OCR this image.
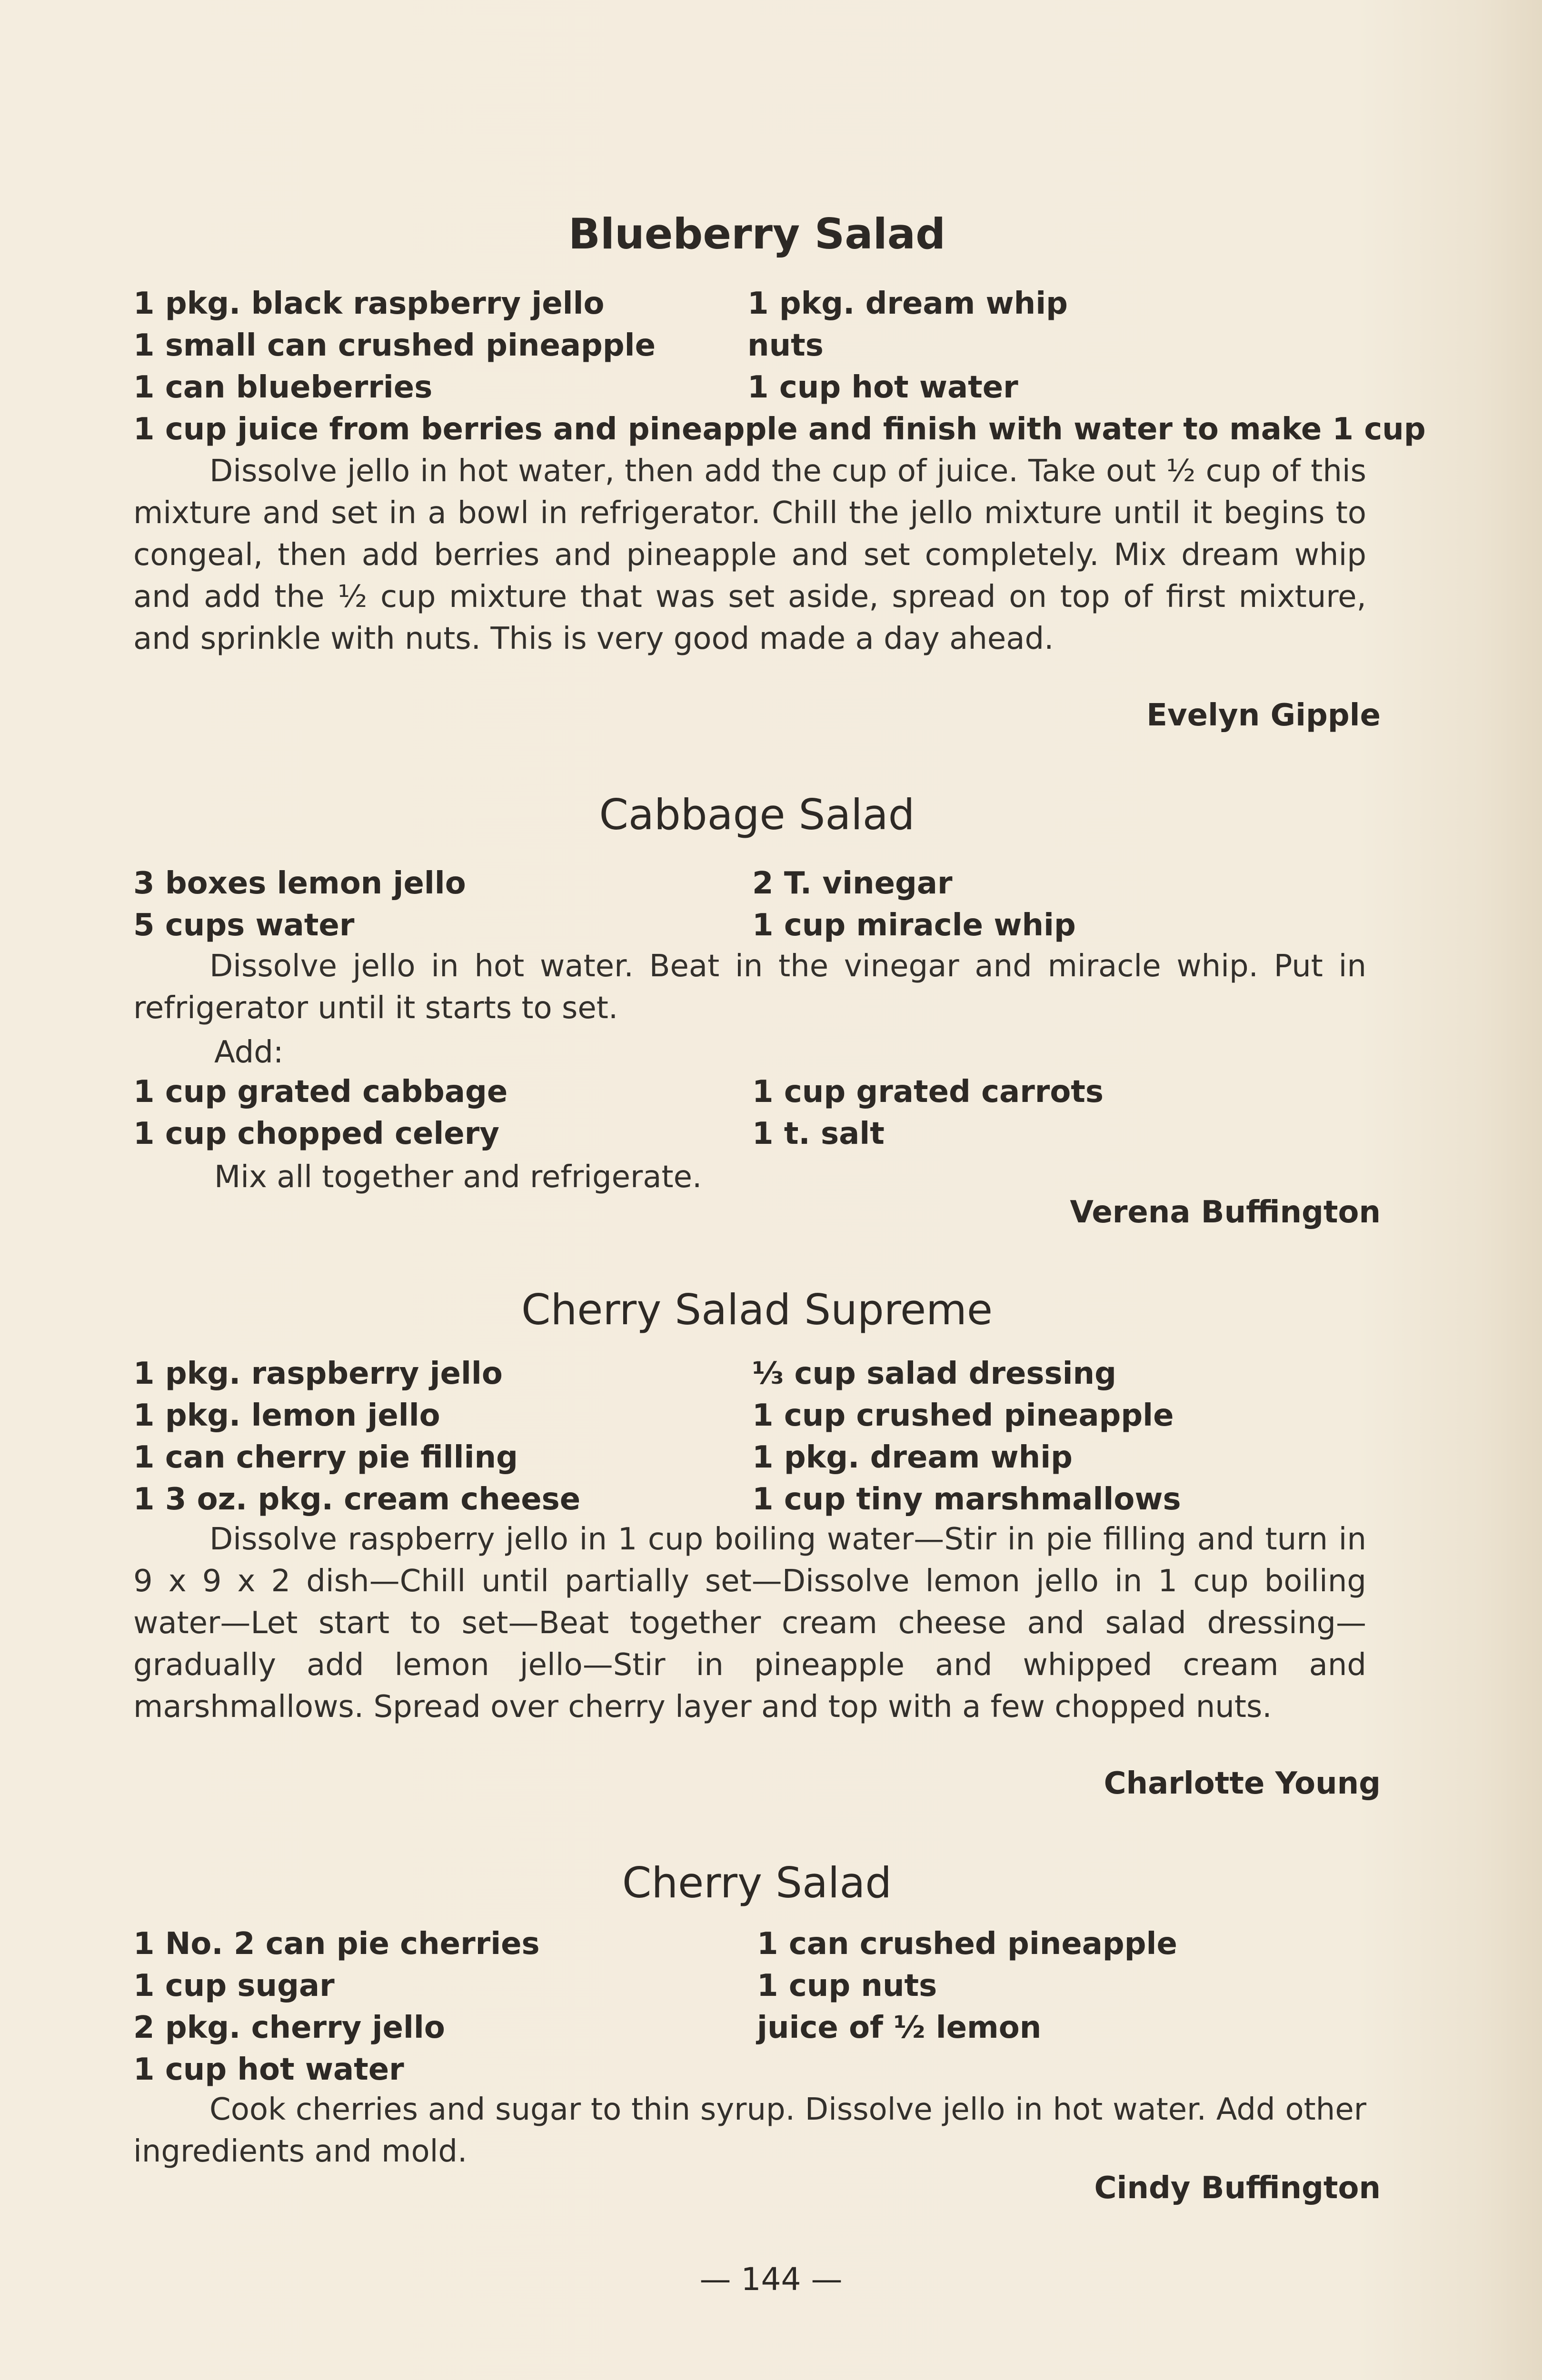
Blueberry Salad
1 pkg. black raspberry jello
1 small can crushed pineapple
1 can blueberries
1 pkg. dream whip
nuts
1 cup hot water
1 cup juice from berries and pineapple and finish with water to make 1 cup
Dissolve jello in hot water, then add the cup of juice. Take out ½ cup of this mixture and set in a bowl in refrigerator. Chill the jello mixture until it begins to congeal, then add berries and pineapple and set completely. Mix dream whip and add the ½ cup mixture that was set aside, spread on top of first mixture, and sprinkle with nuts. This is very good made a day ahead.
Evelyn Gipple
Cabbage Salad
3 boxes lemon jello
5 cups water
2 T. vinegar
1 cup miracle whip
Dissolve jello in hot water. Beat in the vinegar and miracle whip. Put in refrigerator until it starts to set.
Add:
1 cup grated cabbage
1 cup chopped celery
1 cup grated carrots
1 t. salt
Mix all together and refrigerate.
Verena Buffington
Cherry Salad Supreme
1 pkg. raspberry jello
1 pkg. lemon jello
1 can cherry pie filling
1 3 oz. pkg. cream cheese
⅓ cup salad dressing
1 cup crushed pineapple
1 pkg. dream whip
1 cup tiny marshmallows
Dissolve raspberry jello in 1 cup boiling water—Stir in pie filling and turn in 9 x 9 x 2 dish—Chill until partially set—Dissolve lemon jello in 1 cup boiling water—Let start to set—Beat together cream cheese and salad dressing—gradually add lemon jello—Stir in pineapple and whipped cream and marshmallows. Spread over cherry layer and top with a few chopped nuts.
Charlotte Young
Cherry Salad
1 No. 2 can pie cherries
1 cup sugar
2 pkg. cherry jello
1 cup hot water
1 can crushed pineapple
1 cup nuts
juice of ½ lemon
Cook cherries and sugar to thin syrup. Dissolve jello in hot water. Add other ingredients and mold.
Cindy Buffington
— 144 —
